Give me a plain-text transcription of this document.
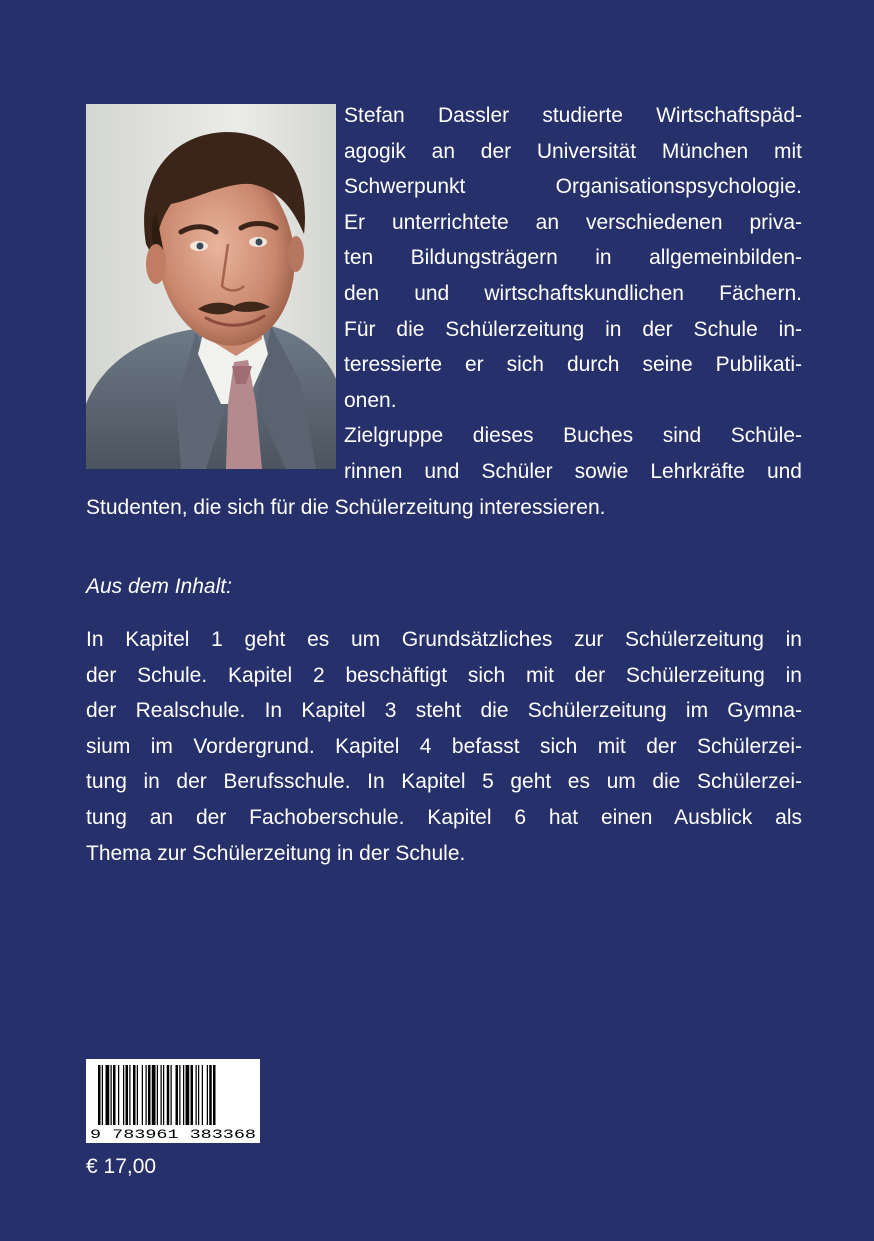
Stefan Dassler studierte Wirtschaftspäd-
agogik an der Universität München mit
Schwerpunkt Organisationspsychologie.
Er unterrichtete an verschiedenen priva-
ten Bildungsträgern in allgemeinbilden-
den und wirtschaftskundlichen Fächern.
Für die Schülerzeitung in der Schule in-
teressierte er sich durch seine Publikati-
onen.
Zielgruppe dieses Buches sind Schüle-
rinnen und Schüler sowie Lehrkräfte und
Studenten, die sich für die Schülerzeitung interessieren.

Aus dem Inhalt:

In Kapitel 1 geht es um Grundsätzliches zur Schülerzeitung in
der Schule. Kapitel 2 beschäftigt sich mit der Schülerzeitung in
der Realschule. In Kapitel 3 steht die Schülerzeitung im Gymna-
sium im Vordergrund. Kapitel 4 befasst sich mit der Schülerzei-
tung in der Berufsschule. In Kapitel 5 geht es um die Schülerzei-
tung an der Fachoberschule. Kapitel 6 hat einen Ausblick als
Thema zur Schülerzeitung in der Schule.
9 783961 383368

€ 17,00
